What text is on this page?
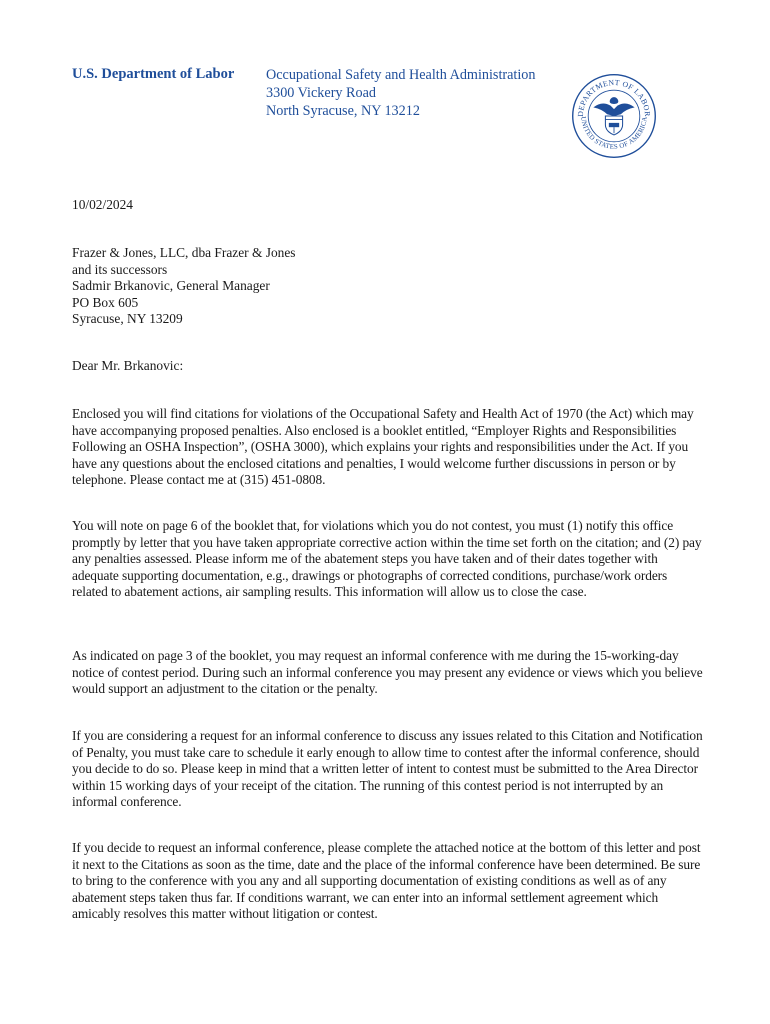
U.S. Department of Labor Occupational Safety and Health Administration
3300 Vickery Road
North Syracuse, NY 13212	DEPARTMENT OF LABOR
UNITED STATES OF AMERICA
10/02/2024
Frazer & Jones, LLC, dba Frazer & Jones
and its successors
Sadmir Brkanovic, General Manager
PO Box 605
Syracuse, NY 13209
Dear Mr. Brkanovic:

Enclosed you will find citations for violations of the Occupational Safety and Health Act of 1970 (the Act) which may have accompanying proposed penalties. Also enclosed is a booklet entitled, “Employer Rights and Responsibilities Following an OSHA Inspection”, (OSHA 3000), which explains your rights and responsibilities under the Act. If you have any questions about the enclosed citations and penalties, I would welcome further discussions in person or by telephone. Please contact me at (315) 451-0808.

You will note on page 6 of the booklet that, for violations which you do not contest, you must (1) notify this office promptly by letter that you have taken appropriate corrective action within the time set forth on the citation; and (2) pay any penalties assessed. Please inform me of the abatement steps you have taken and of their dates together with adequate supporting documentation, e.g., drawings or photographs of corrected conditions, purchase/work orders related to abatement actions, air sampling results. This information will allow us to close the case.

As indicated on page 3 of the booklet, you may request an informal conference with me during the 15-working-day notice of contest period. During such an informal conference you may present any evidence or views which you believe would support an adjustment to the citation or the penalty.

If you are considering a request for an informal conference to discuss any issues related to this Citation and Notification of Penalty, you must take care to schedule it early enough to allow time to contest after the informal conference, should you decide to do so. Please keep in mind that a written letter of intent to contest must be submitted to the Area Director within 15 working days of your receipt of the citation. The running of this contest period is not interrupted by an informal conference.

If you decide to request an informal conference, please complete the attached notice at the bottom of this letter and post it next to the Citations as soon as the time, date and the place of the informal conference have been determined. Be sure to bring to the conference with you any and all supporting documentation of existing conditions as well as of any abatement steps taken thus far. If conditions warrant, we can enter into an informal settlement agreement which amicably resolves this matter without litigation or contest.
